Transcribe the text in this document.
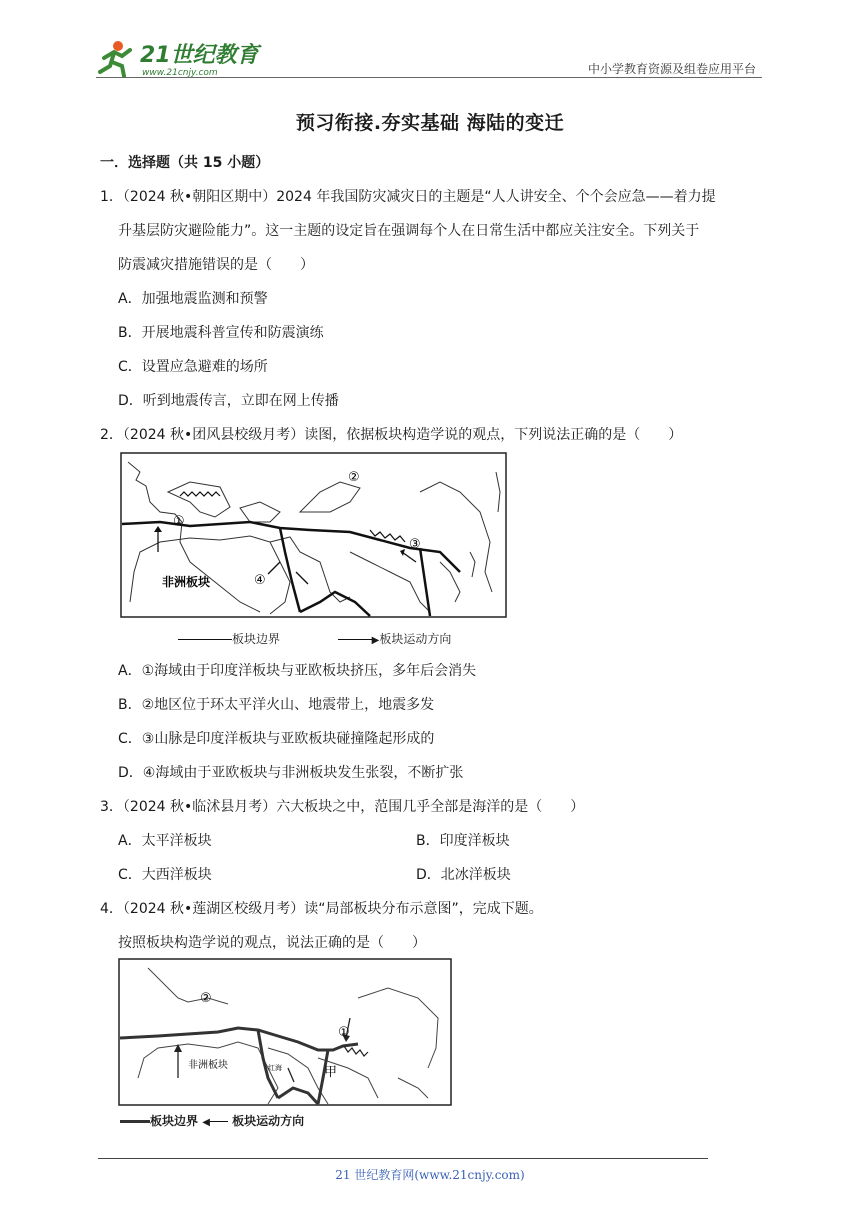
21世纪教育
www.21cnjy.com	中小学教育资源及组卷应用平台
预习衔接.夯实基础 海陆的变迁
一．选择题（共 15 小题）
1．（2024 秋•朝阳区期中）2024 年我国防灾减灾日的主题是“人人讲安全、个个会应急——着力提
升基层防灾避险能力”。这一主题的设定旨在强调每个人在日常生活中都应关注安全。下列关于
防震减灾措施错误的是（　　）
A．加强地震监测和预警
B．开展地震科普宣传和防震演练
C．设置应急避难的场所
D．听到地震传言，立即在网上传播
2．（2024 秋•团风县校级月考）读图，依据板块构造学说的观点，下列说法正确的是（　　）
非洲板块
①
②
③
④
板块边界	▶板块运动方向
A．①海域由于印度洋板块与亚欧板块挤压，多年后会消失
B．②地区位于环太平洋火山、地震带上，地震多发
C．③山脉是印度洋板块与亚欧板块碰撞隆起形成的
D．④海域由于亚欧板块与非洲板块发生张裂，不断扩张
3．（2024 秋•临沭县月考）六大板块之中，范围几乎全部是海洋的是（　　）
A．太平洋板块	B．印度洋板块
C．大西洋板块	D．北冰洋板块
4．（2024 秋•莲湖区校级月考）读“局部板块分布示意图”，完成下题。
按照板块构造学说的观点，说法正确的是（　　）
非洲板块
②
①
红海	甲
板块边界 ◀ 板块运动方向
21 世纪教育网(www.21cnjy.com)
